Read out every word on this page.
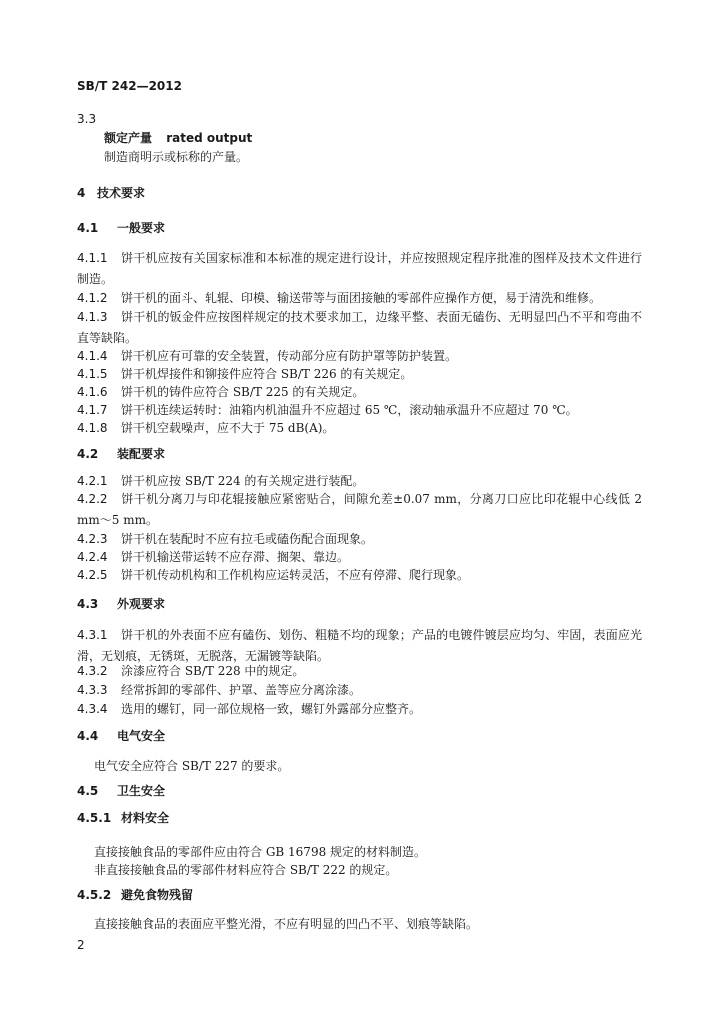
SB/T 242—2012
3.3
额定产量 rated output
制造商明示或标称的产量。
4 技术要求
4.1 一般要求
4.1.1 饼干机应按有关国家标准和本标准的规定进行设计，并应按照规定程序批准的图样及技术文件进行制造。
4.1.2 饼干机的面斗、轧辊、印模、输送带等与面团接触的零部件应操作方便，易于清洗和维修。
4.1.3 饼干机的钣金件应按图样规定的技术要求加工，边缘平整、表面无磕伤、无明显凹凸不平和弯曲不直等缺陷。
4.1.4 饼干机应有可靠的安全装置，传动部分应有防护罩等防护装置。
4.1.5 饼干机焊接件和铆接件应符合 SB/T 226 的有关规定。
4.1.6 饼干机的铸件应符合 SB/T 225 的有关规定。
4.1.7 饼干机连续运转时：油箱内机油温升不应超过 65 ℃，滚动轴承温升不应超过 70 ℃。
4.1.8 饼干机空载噪声，应不大于 75 dB(A)。
4.2 装配要求
4.2.1 饼干机应按 SB/T 224 的有关规定进行装配。
4.2.2 饼干机分离刀与印花辊接触应紧密贴合，间隙允差±0.07 mm，分离刀口应比印花辊中心线低 2 mm～5 mm。
4.2.3 饼干机在装配时不应有拉毛或磕伤配合面现象。
4.2.4 饼干机输送带运转不应存滞、搁架、靠边。
4.2.5 饼干机传动机构和工作机构应运转灵活，不应有停滞、爬行现象。
4.3 外观要求
4.3.1 饼干机的外表面不应有磕伤、划伤、粗糙不均的现象；产品的电镀件镀层应均匀、牢固，表面应光滑，无划痕，无锈斑，无脱落，无漏镀等缺陷。
4.3.2 涂漆应符合 SB/T 228 中的规定。
4.3.3 经常拆卸的零部件、护罩、盖等应分离涂漆。
4.3.4 选用的螺钉，同一部位规格一致，螺钉外露部分应整齐。
4.4 电气安全
电气安全应符合 SB/T 227 的要求。
4.5 卫生安全
4.5.1 材料安全
直接接触食品的零部件应由符合 GB 16798 规定的材料制造。
非直接接触食品的零部件材料应符合 SB/T 222 的规定。
4.5.2 避免食物残留
直接接触食品的表面应平整光滑，不应有明显的凹凸不平、划痕等缺陷。
2
